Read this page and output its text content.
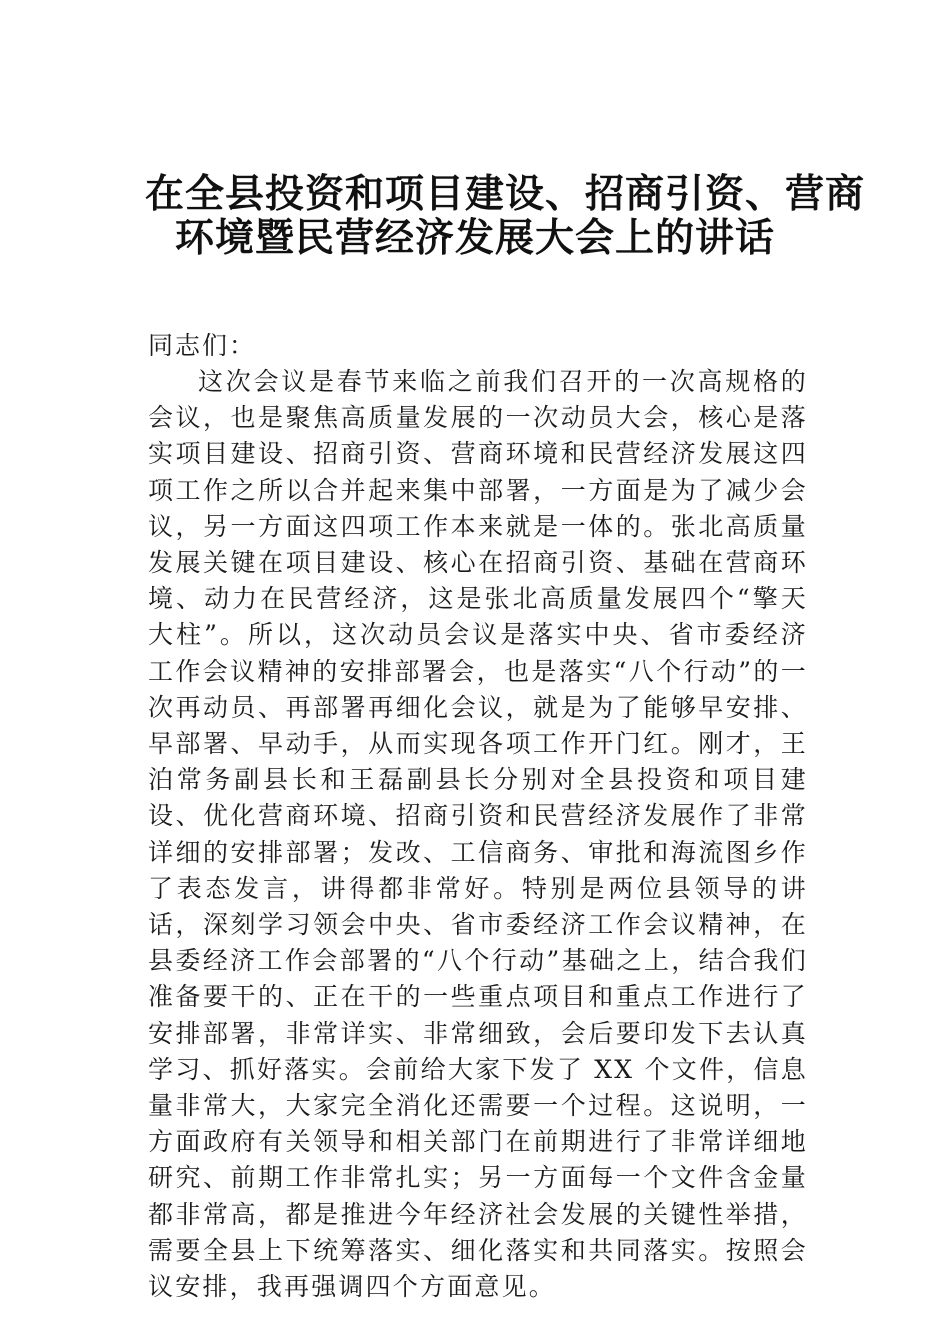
在全县投资和项目建设、招商引资、营商
环境暨民营经济发展大会上的讲话
同志们：
这次会议是春节来临之前我们召开的一次高规格的会议，也是聚焦高质量发展的一次动员大会，核心是落实项目建设、招商引资、营商环境和民营经济发展这四项工作之所以合并起来集中部署，一方面是为了减少会议，另一方面这四项工作本来就是一体的。张北高质量发展关键在项目建设、核心在招商引资、基础在营商环境、动力在民营经济，这是张北高质量发展四个“擎天大柱”。所以，这次动员会议是落实中央、省市委经济工作会议精神的安排部署会，也是落实“八个行动”的一次再动员、再部署再细化会议，就是为了能够早安排、早部署、早动手，从而实现各项工作开门红。刚才，王泊常务副县长和王磊副县长分别对全县投资和项目建设、优化营商环境、招商引资和民营经济发展作了非常详细的安排部署；发改、工信商务、审批和海流图乡作了表态发言，讲得都非常好。特别是两位县领导的讲话，深刻学习领会中央、省市委经济工作会议精神，在县委经济工作会部署的“八个行动”基础之上，结合我们准备要干的、正在干的一些重点项目和重点工作进行了安排部署，非常详实、非常细致，会后要印发下去认真学习、抓好落实。会前给大家下发了 XX 个文件，信息量非常大，大家完全消化还需要一个过程。这说明，一方面政府有关领导和相关部门在前期进行了非常详细地研究、前期工作非常扎实；另一方面每一个文件含金量都非常高，都是推进今年经济社会发展的关键性举措，需要全县上下统筹落实、细化落实和共同落实。按照会议安排，我再强调四个方面意见。
